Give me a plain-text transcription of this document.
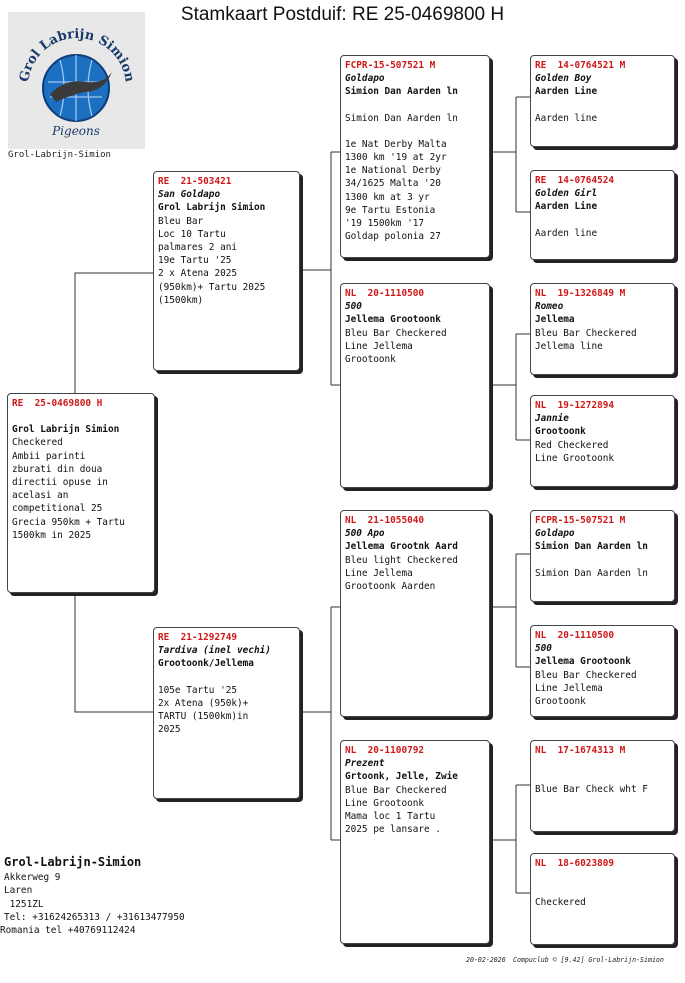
Stamkaart Postduif: RE 25-0469800 H
Grol Labrijn Simion
Pigeons
Grol-Labrijn-Simion
RE  25-0469800 H
Grol Labrijn Simion
Checkered
Ambii parinti
zburati din doua
directii opuse in
acelasi an
competitional 25
Grecia 950km + Tartu
1500km in 2025
RE  21-503421
San Goldapo
Grol Labrijn Simion
Bleu Bar
Loc 10 Tartu
palmares 2 ani
19e Tartu '25
2 x Atena 2025
(950km)+ Tartu 2025
(1500km)
RE  21-1292749
Tardiva (inel vechi)
Grootoonk/Jellema
105e Tartu '25
2x Atena (950k)+
TARTU (1500km)in
2025
FCPR-15-507521 M
Goldapo
Simion Dan Aarden ln
Simion Dan Aarden ln
1e Nat Derby Malta
1300 km '19 at 2yr
1e National Derby
34/1625 Malta '20
1300 km at 3 yr
9e Tartu Estonia
'19 1500km '17
Goldap polonia 27
NL  20-1110500
500
Jellema Grootoonk
Bleu Bar Checkered
Line Jellema
Grootoonk
NL  21-1055040
500 Apo
Jellema Grootnk Aard
Bleu light Checkered
Line Jellema
Grootoonk Aarden
NL  20-1100792
Prezent
Grtoonk, Jelle, Zwie
Blue Bar Checkered
Line Grootoonk
Mama loc 1 Tartu
2025 pe lansare .
RE  14-0764521 M
Golden Boy
Aarden Line
Aarden line
RE  14-0764524
Golden Girl
Aarden Line
Aarden line
NL  19-1326849 M
Romeo
Jellema
Bleu Bar Checkered
Jellema line
NL  19-1272894
Jannie
Grootoonk
Red Checkered
Line Grootoonk
FCPR-15-507521 M
Goldapo
Simion Dan Aarden ln
Simion Dan Aarden ln
NL  20-1110500
500
Jellema Grootoonk
Bleu Bar Checkered
Line Jellema
Grootoonk
NL  17-1674313 M
Blue Bar Check wht F
NL  18-6023809
Checkered
Grol-Labrijn-Simion
Akkerweg 9
Laren
1251ZL
Tel: +31624265313 / +31613477950
Romania tel +40769112424
20-02-2026 Compuclub © [9.42] Grol-Labrijn-Simion
